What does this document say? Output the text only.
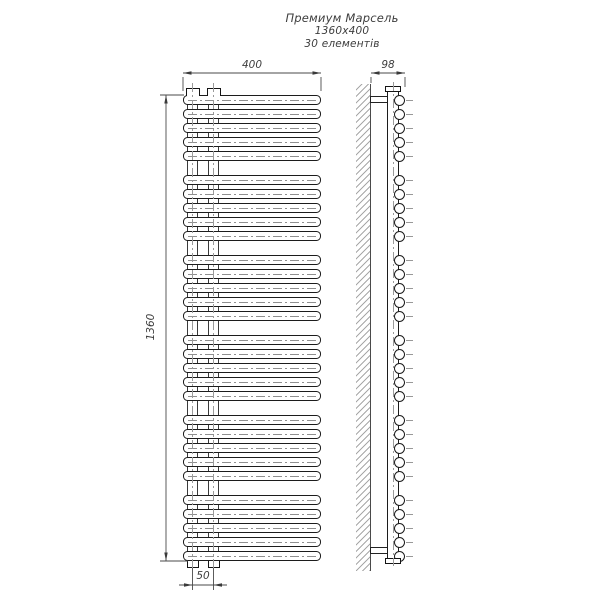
Премиум Марсель
1360x400
30 елементів
400	98
1360
50
